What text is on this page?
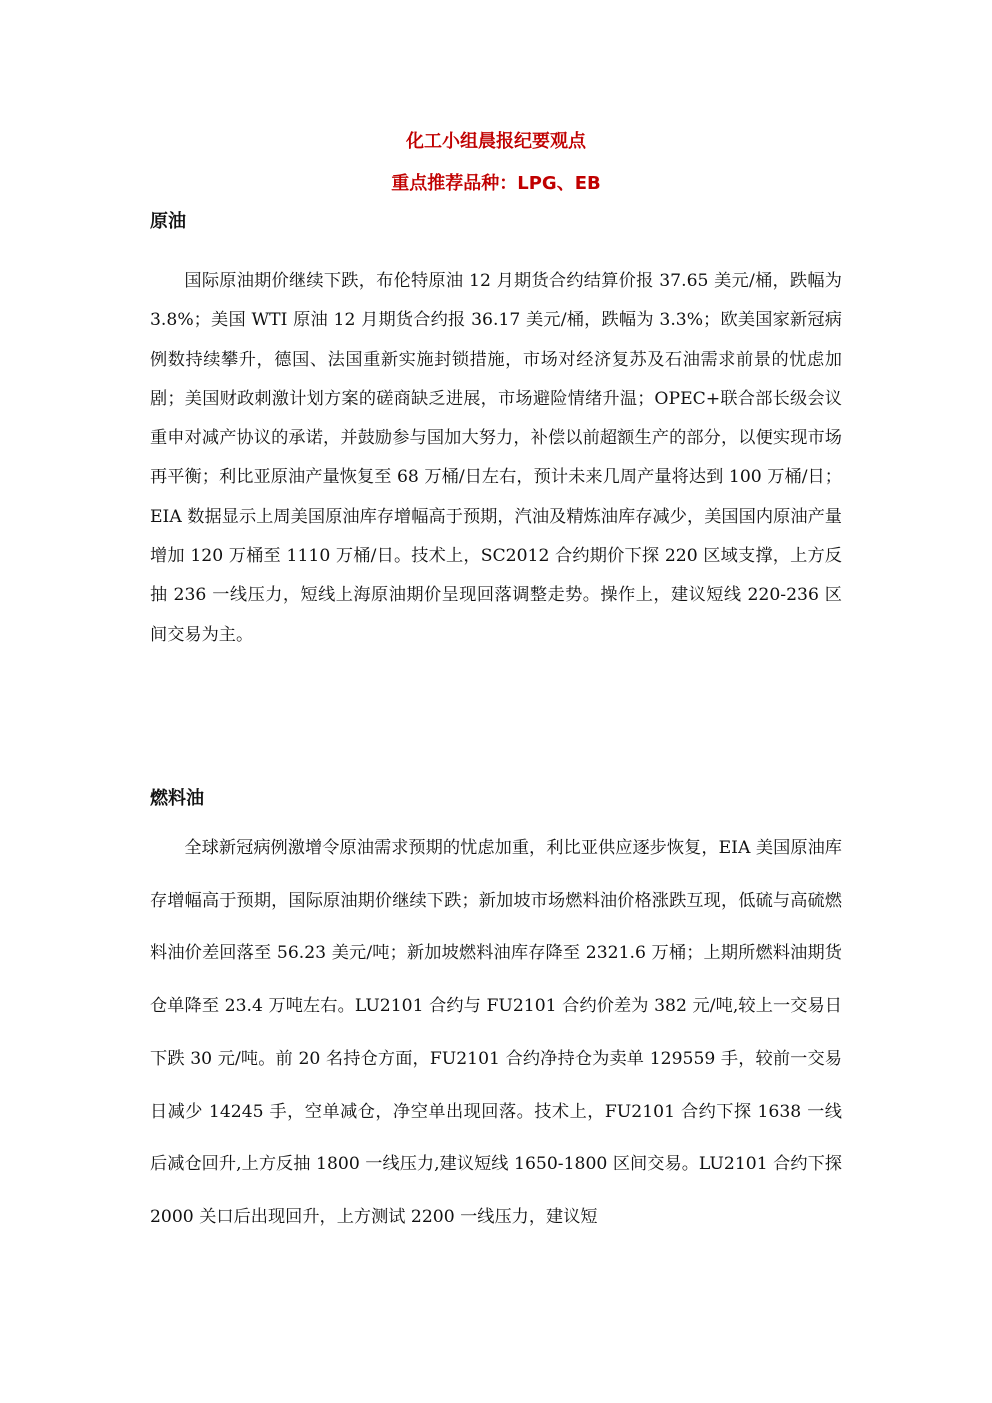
化工小组晨报纪要观点
重点推荐品种：LPG、EB
原油

国际原油期价继续下跌，布伦特原油 12 月期货合约结算价报 37.65 美元/桶，跌幅为 3.8%；美国 WTI 原油 12 月期货合约报 36.17 美元/桶，跌幅为 3.3%；欧美国家新冠病例数持续攀升，德国、法国重新实施封锁措施，市场对经济复苏及石油需求前景的忧虑加剧；美国财政刺激计划方案的磋商缺乏进展，市场避险情绪升温；OPEC+联合部长级会议重申对减产协议的承诺，并鼓励参与国加大努力，补偿以前超额生产的部分，以便实现市场再平衡；利比亚原油产量恢复至 68 万桶/日左右，预计未来几周产量将达到 100 万桶/日；EIA 数据显示上周美国原油库存增幅高于预期，汽油及精炼油库存减少，美国国内原油产量增加 120 万桶至 1110 万桶/日。技术上，SC2012 合约期价下探 220 区域支撑，上方反抽 236 一线压力，短线上海原油期价呈现回落调整走势。操作上，建议短线 220-236 区间交易为主。

燃料油

全球新冠病例激增令原油需求预期的忧虑加重，利比亚供应逐步恢复，EIA 美国原油库存增幅高于预期，国际原油期价继续下跌；新加坡市场燃料油价格涨跌互现，低硫与高硫燃料油价差回落至 56.23 美元/吨；新加坡燃料油库存降至 2321.6 万桶；上期所燃料油期货仓单降至 23.4 万吨左右。LU2101 合约与 FU2101 合约价差为 382 元/吨,较上一交易日下跌 30 元/吨。前 20 名持仓方面，FU2101 合约净持仓为卖单 129559 手，较前一交易日减少 14245 手，空单减仓，净空单出现回落。技术上，FU2101 合约下探 1638 一线后减仓回升,上方反抽 1800 一线压力,建议短线 1650-1800 区间交易。LU2101 合约下探 2000 关口后出现回升，上方测试 2200 一线压力，建议短
